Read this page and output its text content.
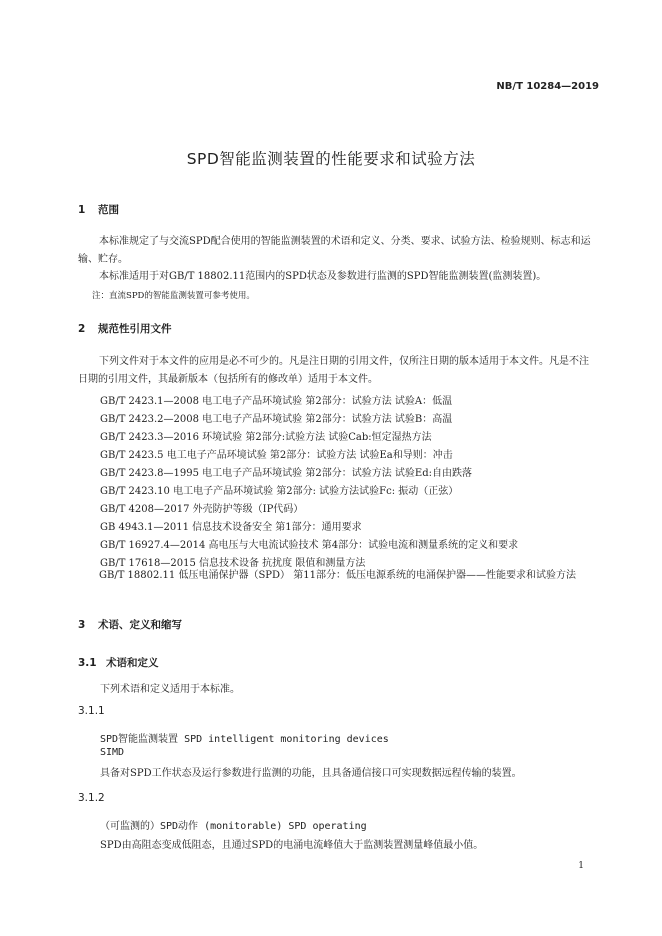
NB/T 10284—2019
SPD智能监测装置的性能要求和试验方法
1 范围
本标准规定了与交流SPD配合使用的智能监测装置的术语和定义、分类、要求、试验方法、检验规则、标志和运输、贮存。
本标准适用于对GB/T 18802.11范围内的SPD状态及参数进行监测的SPD智能监测装置(监测装置)。
注：直流SPD的智能监测装置可参考使用。
2 规范性引用文件
下列文件对于本文件的应用是必不可少的。凡是注日期的引用文件，仅所注日期的版本适用于本文件。凡是不注日期的引用文件，其最新版本（包括所有的修改单）适用于本文件。
GB/T 2423.1—2008 电工电子产品环境试验 第2部分：试验方法 试验A：低温
GB/T 2423.2—2008 电工电子产品环境试验 第2部分：试验方法 试验B：高温
GB/T 2423.3—2016 环境试验 第2部分:试验方法 试验Cab:恒定湿热方法
GB/T 2423.5 电工电子产品环境试验 第2部分：试验方法 试验Ea和导则：冲击
GB/T 2423.8—1995 电工电子产品环境试验 第2部分：试验方法 试验Ed:自由跌落
GB/T 2423.10 电工电子产品环境试验 第2部分: 试验方法试验Fc: 振动（正弦）
GB/T 4208—2017 外壳防护等级（IP代码）
GB 4943.1—2011 信息技术设备安全 第1部分：通用要求
GB/T 16927.4—2014 高电压与大电流试验技术 第4部分：试验电流和测量系统的定义和要求
GB/T 17618—2015 信息技术设备 抗扰度 限值和测量方法
GB/T 18802.11 低压电涌保护器（SPD） 第11部分：低压电源系统的电涌保护器——性能要求和试验方法
3 术语、定义和缩写
3.1 术语和定义
下列术语和定义适用于本标准。
3.1.1
SPD智能监测装置 SPD intelligent monitoring devices
SIMD
具备对SPD工作状态及运行参数进行监测的功能，且具备通信接口可实现数据远程传输的装置。
3.1.2
（可监测的）SPD动作 (monitorable) SPD operating
SPD由高阻态变成低阻态，且通过SPD的电涌电流峰值大于监测装置测量峰值最小值。
1
